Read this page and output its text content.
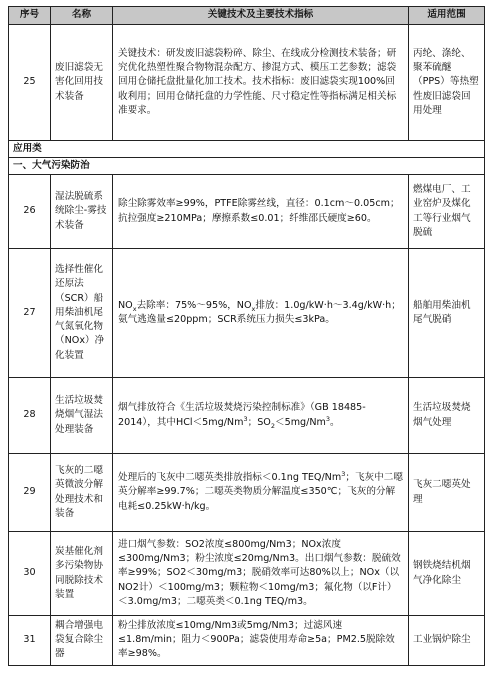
序号	名称	关键技术及主要技术指标	适用范围
25	废旧滤袋无害化回用技术装备	关键技术：研发废旧滤袋粉碎、除尘、在线成分检测技术装备；研究优化热塑性聚合物物混杂配方、掺混方式、模压工艺参数；滤袋回用仓储托盘批量化加工技术。技术指标：废旧滤袋实现100%回收利用；回用仓储托盘的力学性能、尺寸稳定性等指标满足相关标准要求。	丙纶、涤纶、聚苯硫醚（PPS）等热塑性废旧滤袋回用处理
应用类			
一、大气污染防治			
26	湿法脱硫系统除尘-雾技术装备	除尘除雾效率≥99%，PTFE除雾丝线，直径：0.1cm～0.05cm；抗拉强度≥210MPa；摩擦系数≤0.01；纤维邵氏硬度≥60。	燃煤电厂、工业窑炉及煤化工等行业烟气脱硫
27	选择性催化还原法（SCR）船用柴油机尾气氮氧化物（NOx）净化装置	$NO_x$去除率：75%～95%，$NO_x$排放：1.0g/kW·h～3.4g/kW·h；氨气逃逸量≤20ppm；SCR系统压力损失≤3kPa。	船舶用柴油机尾气脱硝
28	生活垃圾焚烧烟气湿法处理装备	烟气排放符合《生活垃圾焚烧污染控制标准》（GB 18485-2014），其中$HCl<5mg/Nm^3$；$SO_2<5mg/Nm^3$。	生活垃圾焚烧烟气处理
29	飞灰的二噁英微波分解处理技术和装备	处理后的飞灰中二噁英类排放指标＜0.1ng TEQ/Nm$^3$；飞灰中二噁英分解率≥99.7%；二噁英类物质分解温度≤350℃；飞灰的分解电耗≤0.25kW·h/kg。	飞灰二噁英处理
30	炭基催化剂多污染物协同脱除技术装置	进口烟气参数：SO2浓度≤800mg/Nm3；NOx浓度≤300mg/Nm3；粉尘浓度≤20mg/Nm3。出口烟气参数：脱硫效率≥99%；SO2＜30mg/m3；脱硝效率可达80%以上；NOx（以NO2计）＜100mg/m3；颗粒物＜10mg/m3；氟化物（以F计）＜3.0mg/m3；二噁英类＜0.1ng TEQ/m3。	钢铁烧结机烟气净化除尘
31	耦合增强电袋复合除尘器	粉尘排放浓度≤10mg/Nm3或5mg/Nm3；过滤风速≤1.8m/min；阻力＜900Pa；滤袋使用寿命≥5a；PM2.5脱除效率≥98%。	工业锅炉除尘
